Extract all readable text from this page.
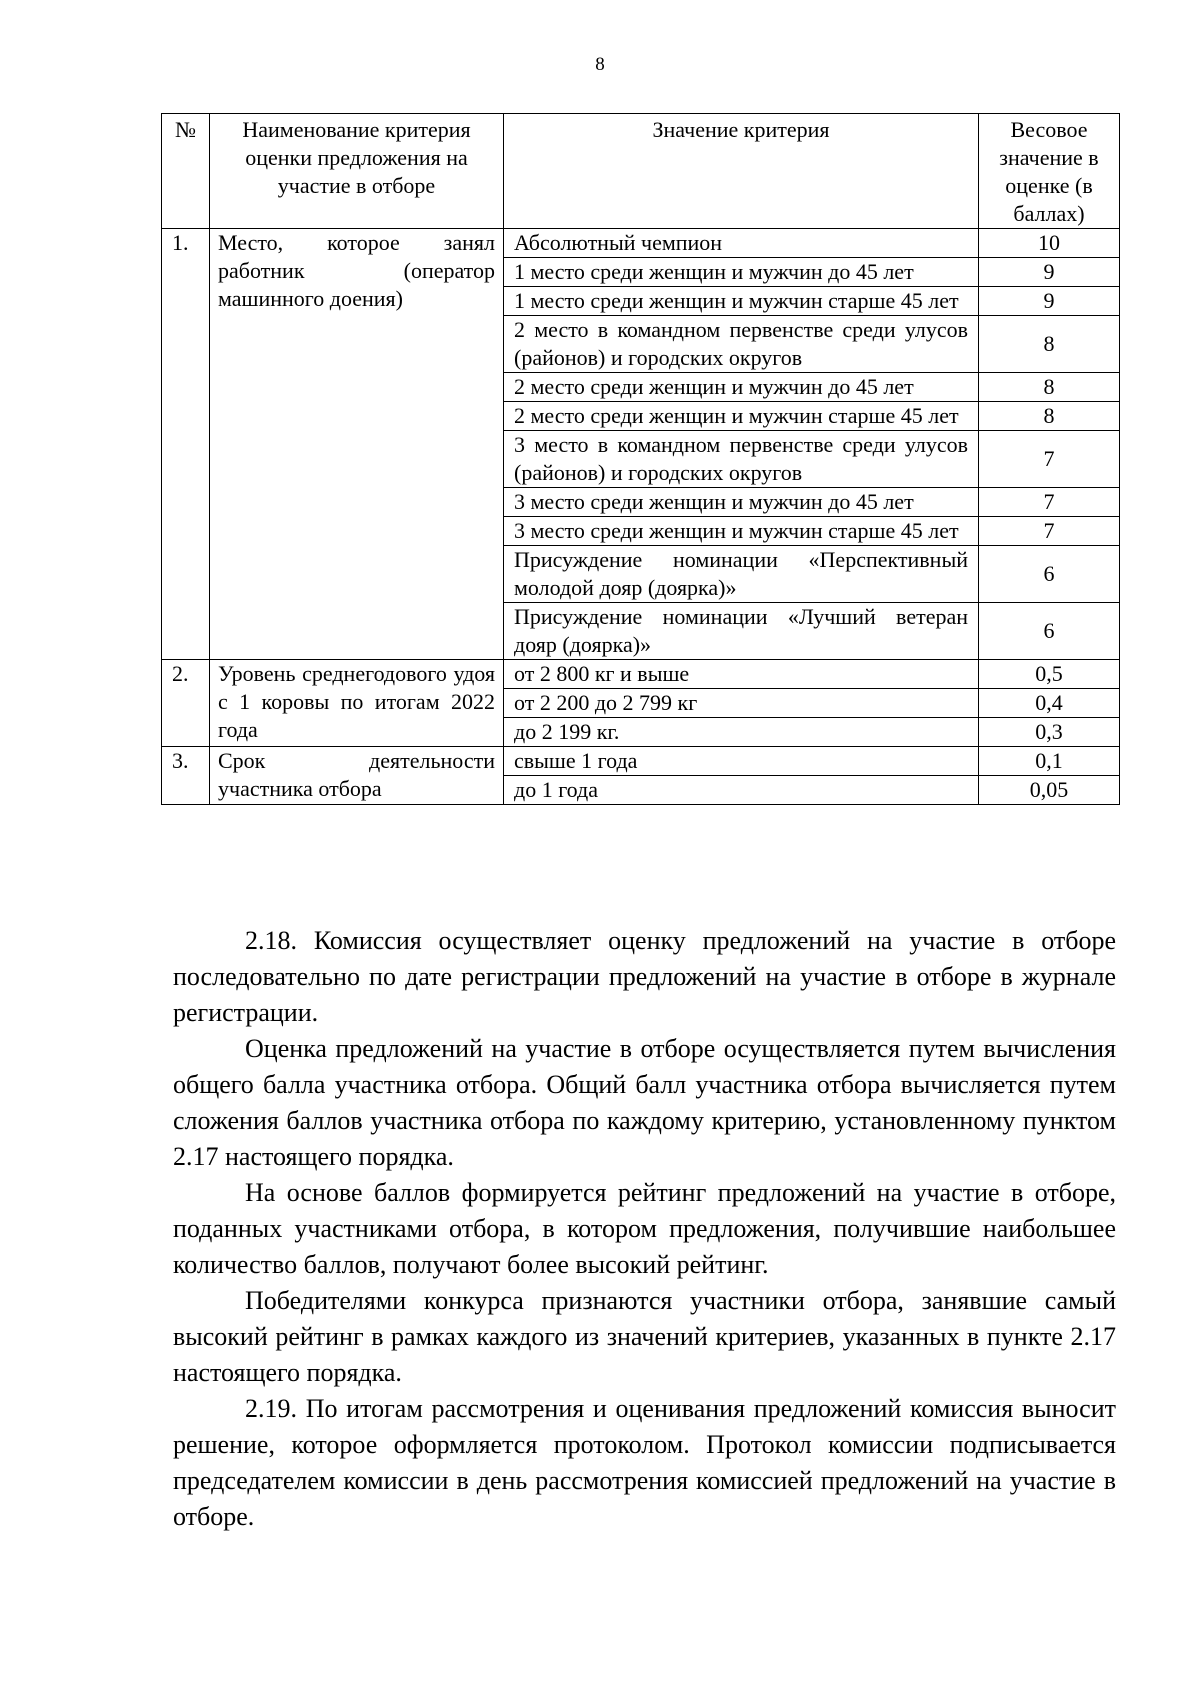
8
№	Наименование критерия оценки предложения на участие в отборе	Значение критерия	Весовое значение в оценке (в баллах)
1.	Место, которое занял работник (оператор машинного доения)	Абсолютный чемпион	10
		1 место среди женщин и мужчин до 45 лет	9
		1 место среди женщин и мужчин старше 45 лет	9
		2 место в командном первенстве среди улусов (районов) и городских округов	8
		2 место среди женщин и мужчин до 45 лет	8
		2 место среди женщин и мужчин старше 45 лет	8
		3 место в командном первенстве среди улусов (районов) и городских округов	7
		3 место среди женщин и мужчин до 45 лет	7
		3 место среди женщин и мужчин старше 45 лет	7
		Присуждение номинации «Перспективный молодой дояр (доярка)»	6
		Присуждение номинации «Лучший ветеран дояр (доярка)»	6
2.	Уровень среднегодового удоя с 1 коровы по итогам 2022 года	от 2 800 кг и выше	0,5
		от 2 200 до 2 799 кг	0,4
		до 2 199 кг.	0,3
3.	Срок деятельности участника отбора	свыше 1 года	0,1
		до 1 года	0,05

2.18. Комиссия осуществляет оценку предложений на участие в отборе последовательно по дате регистрации предложений на участие в отборе в журнале регистрации.

Оценка предложений на участие в отборе осуществляется путем вычисления общего балла участника отбора. Общий балл участника отбора вычисляется путем сложения баллов участника отбора по каждому критерию, установленному пунктом 2.17 настоящего порядка.

На основе баллов формируется рейтинг предложений на участие в отборе, поданных участниками отбора, в котором предложения, получившие наибольшее количество баллов, получают более высокий рейтинг.

Победителями конкурса признаются участники отбора, занявшие самый высокий рейтинг в рамках каждого из значений критериев, указанных в пункте 2.17 настоящего порядка.

2.19. По итогам рассмотрения и оценивания предложений комиссия выносит решение, которое оформляется протоколом. Протокол комиссии подписывается председателем комиссии в день рассмотрения комиссией предложений на участие в отборе.
